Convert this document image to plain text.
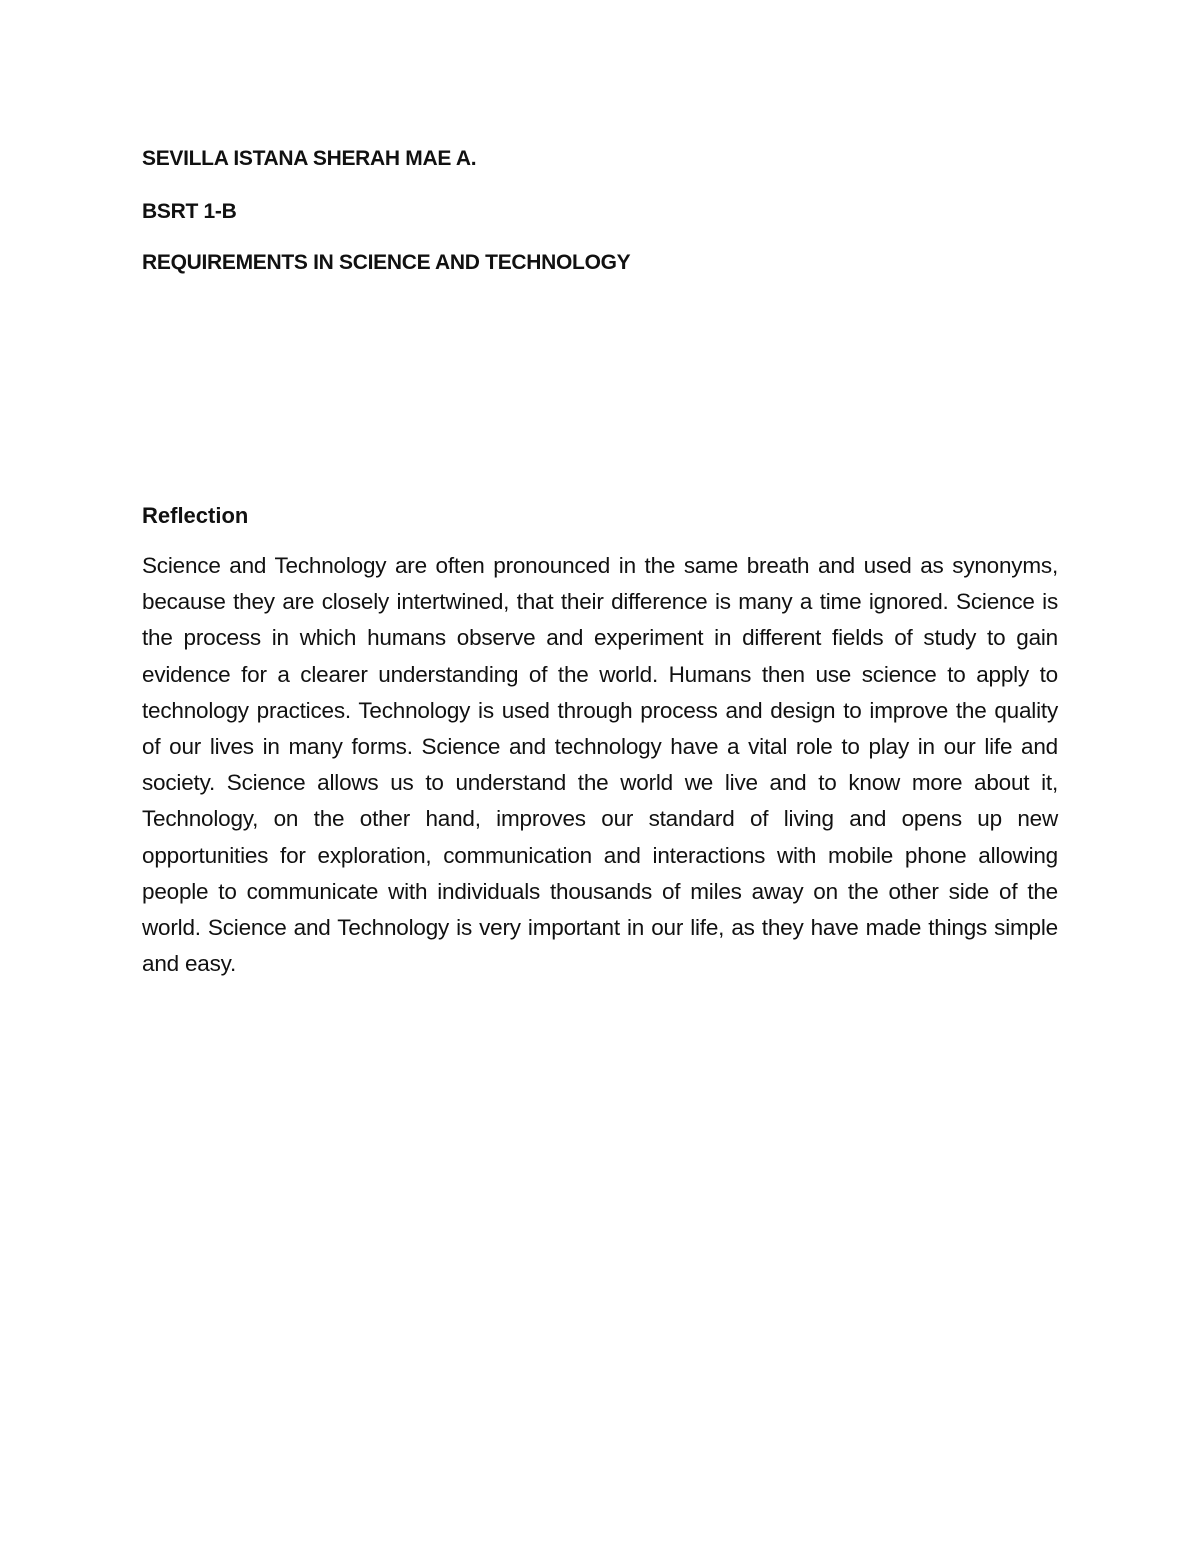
SEVILLA ISTANA SHERAH MAE A.
BSRT 1-B
REQUIREMENTS IN SCIENCE AND TECHNOLOGY
Reflection
Science and Technology are often pronounced in the same breath and used as synonyms, because they are closely intertwined, that their difference is many a time ignored. Science is the process in which humans observe and experiment in different fields of study to gain evidence for a clearer understanding of the world. Humans then use science to apply to technology practices. Technology is used through process and design to improve the quality of our lives in many forms. Science and technology have a vital role to play in our life and society. Science allows us to understand the world we live and to know more about it, Technology, on the other hand, improves our standard of living and opens up new opportunities for exploration, communication and interactions with mobile phone allowing people to communicate with individuals thousands of miles away on the other side of the world. Science and Technology is very important in our life, as they have made things simple and easy.
